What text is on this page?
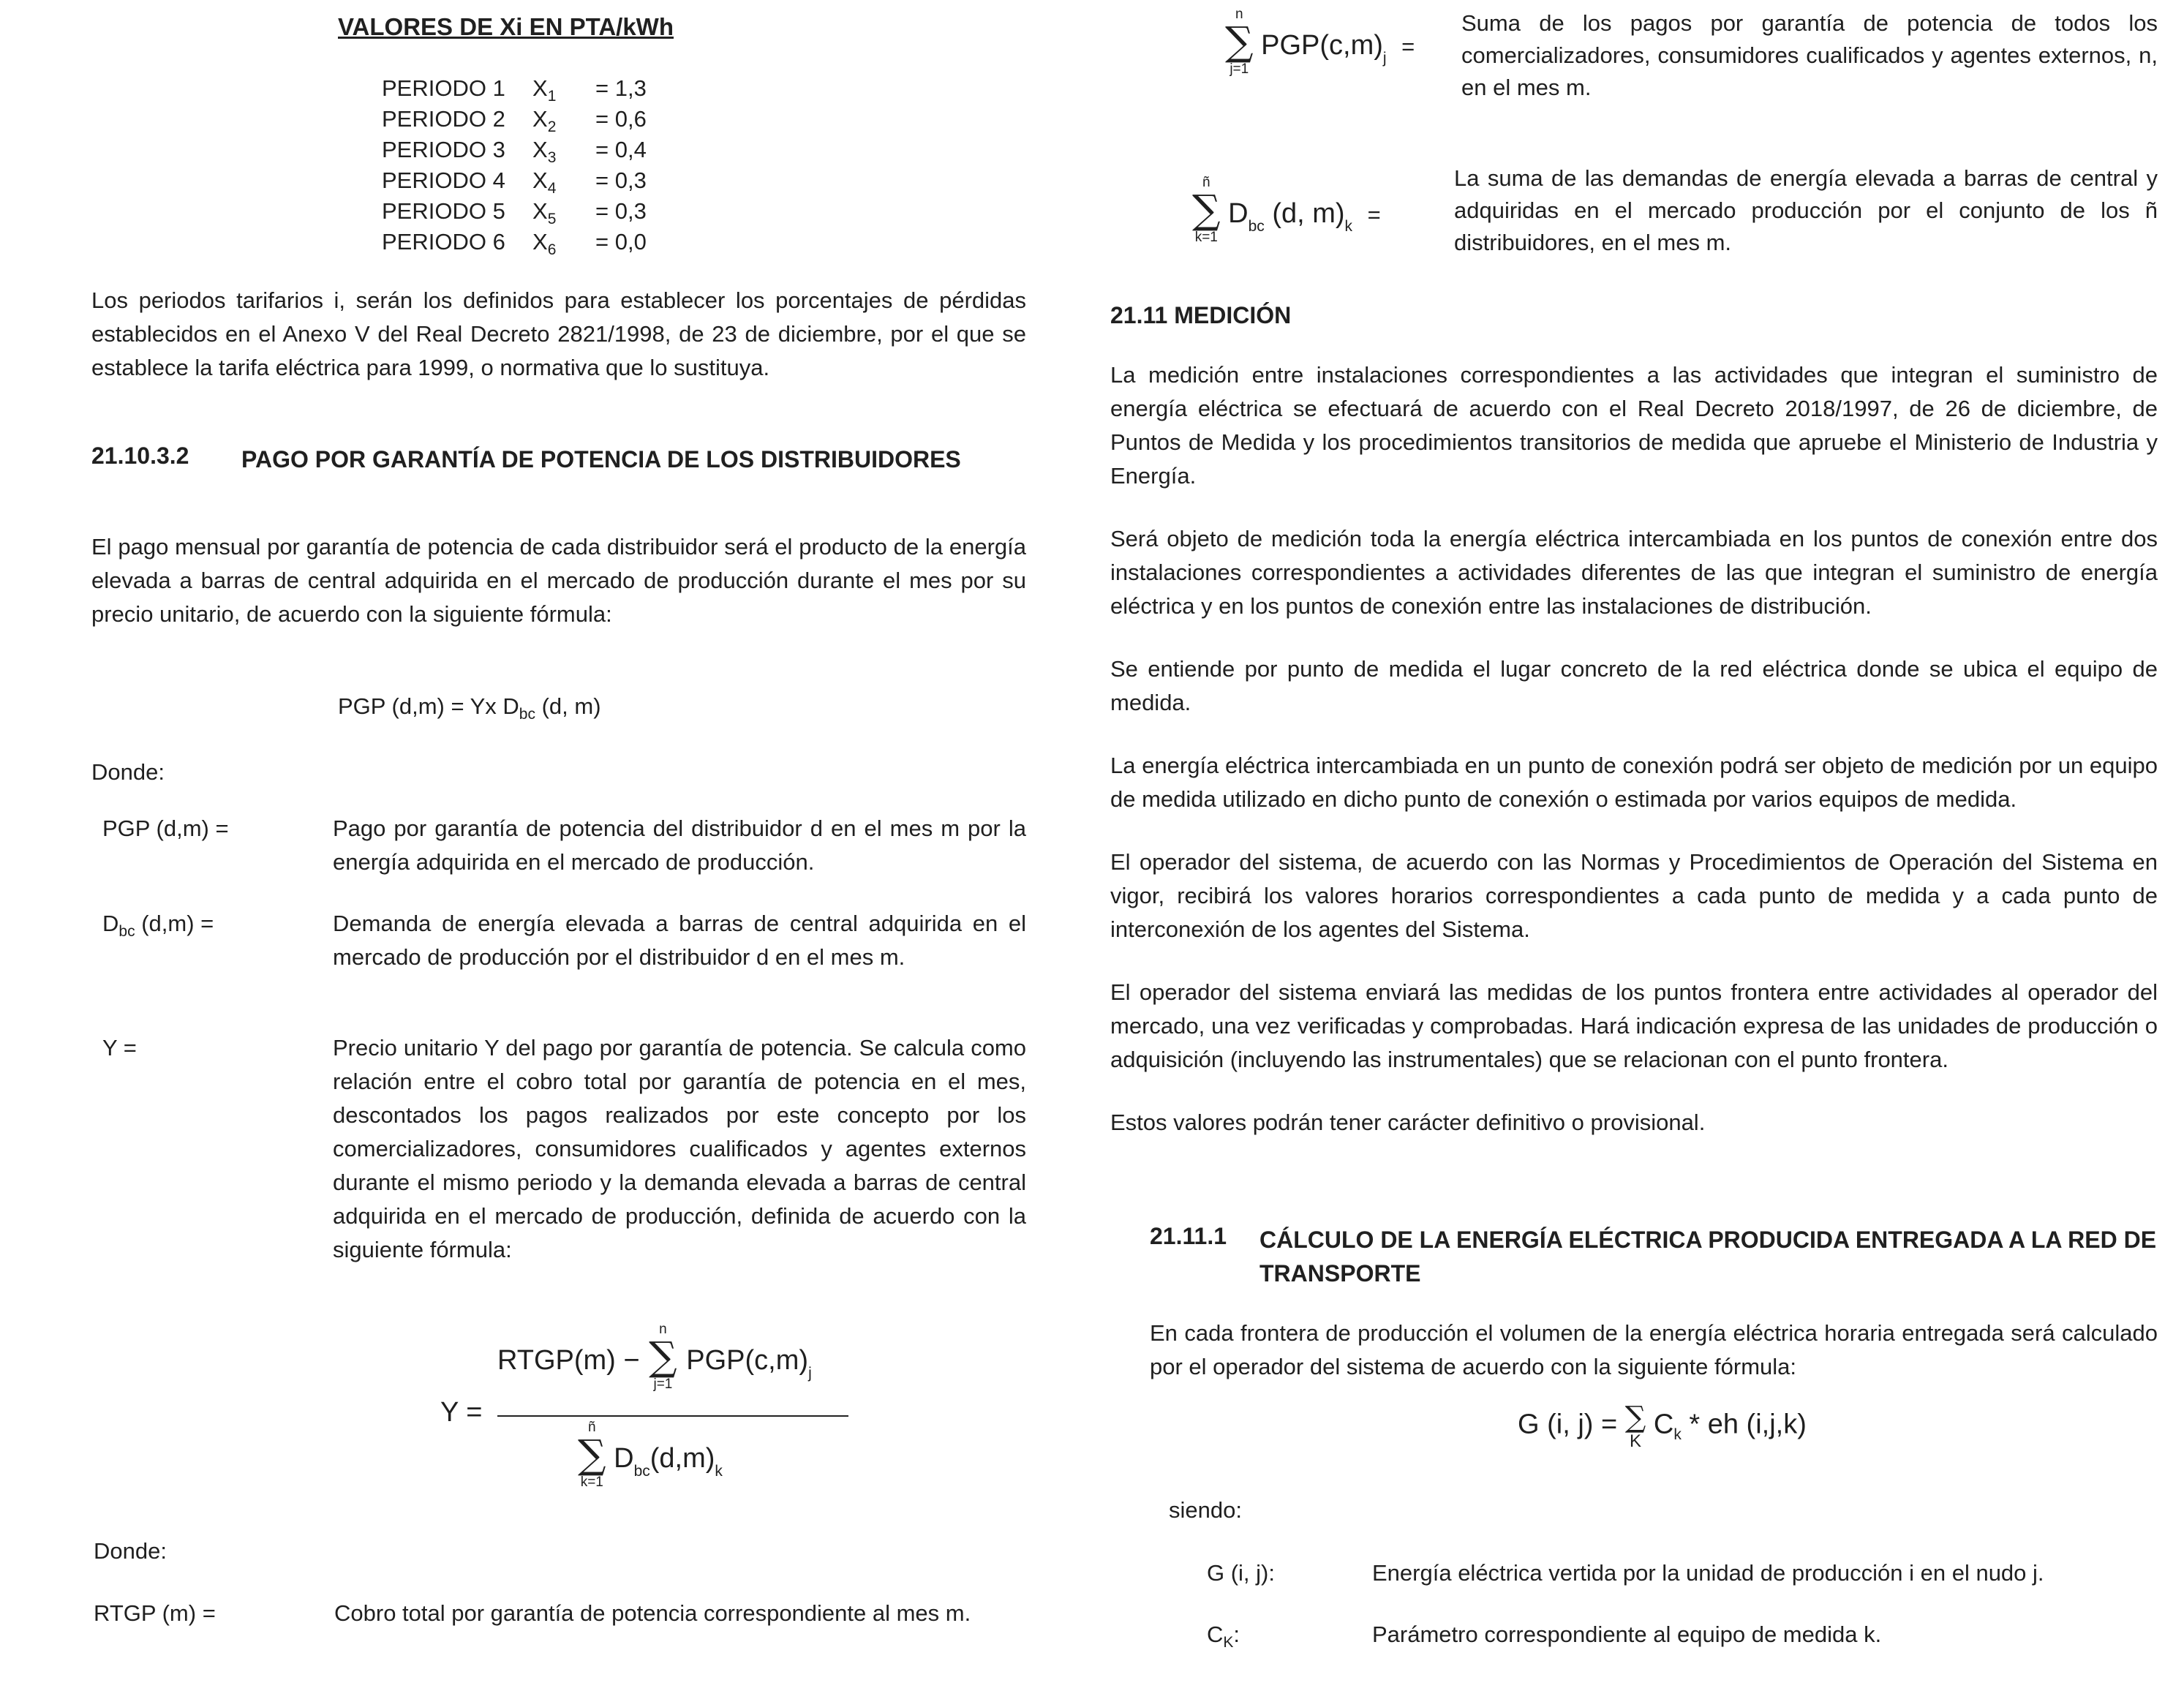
VALORES DE Xi EN PTA/kWh
PERIODO 1 $X_1 = 1,3$
PERIODO 2 $X_2 = 0,6$
PERIODO 3 $X_3 = 0,4$
PERIODO 4 $X_4 = 0,3$
PERIODO 5 $X_5 = 0,3$
PERIODO 6 $X_6 = 0,0$
Los periodos tarifarios i, serán los definidos para establecer los porcentajes de pérdidas establecidos en el Anexo V del Real Decreto 2821/1998, de 23 de diciembre, por el que se establece la tarifa eléctrica para 1999, o normativa que lo sustituya.
21.10.3.2 PAGO POR GARANTÍA DE POTENCIA DE LOS DISTRIBUIDORES
El pago mensual por garantía de potencia de cada distribuidor será el producto de la energía elevada a barras de central adquirida en el mercado de producción durante el mes por su precio unitario, de acuerdo con la siguiente fórmula:
PGP (d,m) = Yx $D_{bc}$ (d, m)
Donde:
PGP (d,m) =	Pago por garantía de potencia del distribuidor d en el mes m por la energía adquirida en el mercado de producción.
$D_{bc}$ (d,m) =	Demanda de energía elevada a barras de central adquirida en el mercado de producción por el distribuidor d en el mes m.
Y =	Precio unitario Y del pago por garantía de potencia. Se calcula como relación entre el cobro total por garantía de potencia en el mes, descontados los pagos realizados por este concepto por los comercializadores, consumidores cualificados y agentes externos durante el mismo periodo y la demanda elevada a barras de central adquirida en el mercado de producción, definida de acuerdo con la siguiente fórmula:
Y =
RTGP(m) −
n
∑
j=1
$PGP(c,m)_j$
ñ
∑
k=1
$D_{bc}(d,m)_k$
Donde:
RTGP (m) =	Cobro total por garantía de potencia correspondiente al mes m.
n
∑
j=1
$PGP(c,m)_j$ =
Suma de los pagos por garantía de potencia de todos los comercializadores, consumidores cualificados y agentes externos, n, en el mes m.
ñ
∑
k=1
$D_{bc}$ (d, $m)_k$ =
La suma de las demandas de energía elevada a barras de central y adquiridas en el mercado producción por el conjunto de los ñ distribuidores, en el mes m.
21.11 MEDICIÓN
La medición entre instalaciones correspondientes a las actividades que integran el suministro de energía eléctrica se efectuará de acuerdo con el Real Decreto 2018/1997, de 26 de diciembre, de Puntos de Medida y los procedimientos transitorios de medida que apruebe el Ministerio de Industria y Energía.
Será objeto de medición toda la energía eléctrica intercambiada en los puntos de conexión entre dos instalaciones correspondientes a actividades diferentes de las que integran el suministro de energía eléctrica y en los puntos de conexión entre las instalaciones de distribución.
Se entiende por punto de medida el lugar concreto de la red eléctrica donde se ubica el equipo de medida.
La energía eléctrica intercambiada en un punto de conexión podrá ser objeto de medición por un equipo de medida utilizado en dicho punto de conexión o estimada por varios equipos de medida.
El operador del sistema, de acuerdo con las Normas y Procedimientos de Operación del Sistema en vigor, recibirá los valores horarios correspondientes a cada punto de medida y a cada punto de interconexión de los agentes del Sistema.
El operador del sistema enviará las medidas de los puntos frontera entre actividades al operador del mercado, una vez verificadas y comprobadas. Hará indicación expresa de las unidades de producción o adquisición (incluyendo las instrumentales) que se relacionan con el punto frontera.
Estos valores podrán tener carácter definitivo o provisional.
21.11.1 CÁLCULO DE LA ENERGÍA ELÉCTRICA PRODUCIDA ENTREGADA A LA RED DE TRANSPORTE
En cada frontera de producción el volumen de la energía eléctrica horaria entregada será calculado por el operador del sistema de acuerdo con la siguiente fórmula:
G (i, j) = ∑
K
$C_k$ * eh (i,j,k)
siendo:
G (i, j):	Energía eléctrica vertida por la unidad de producción i en el nudo j.
$C_K$:	Parámetro correspondiente al equipo de medida k.
